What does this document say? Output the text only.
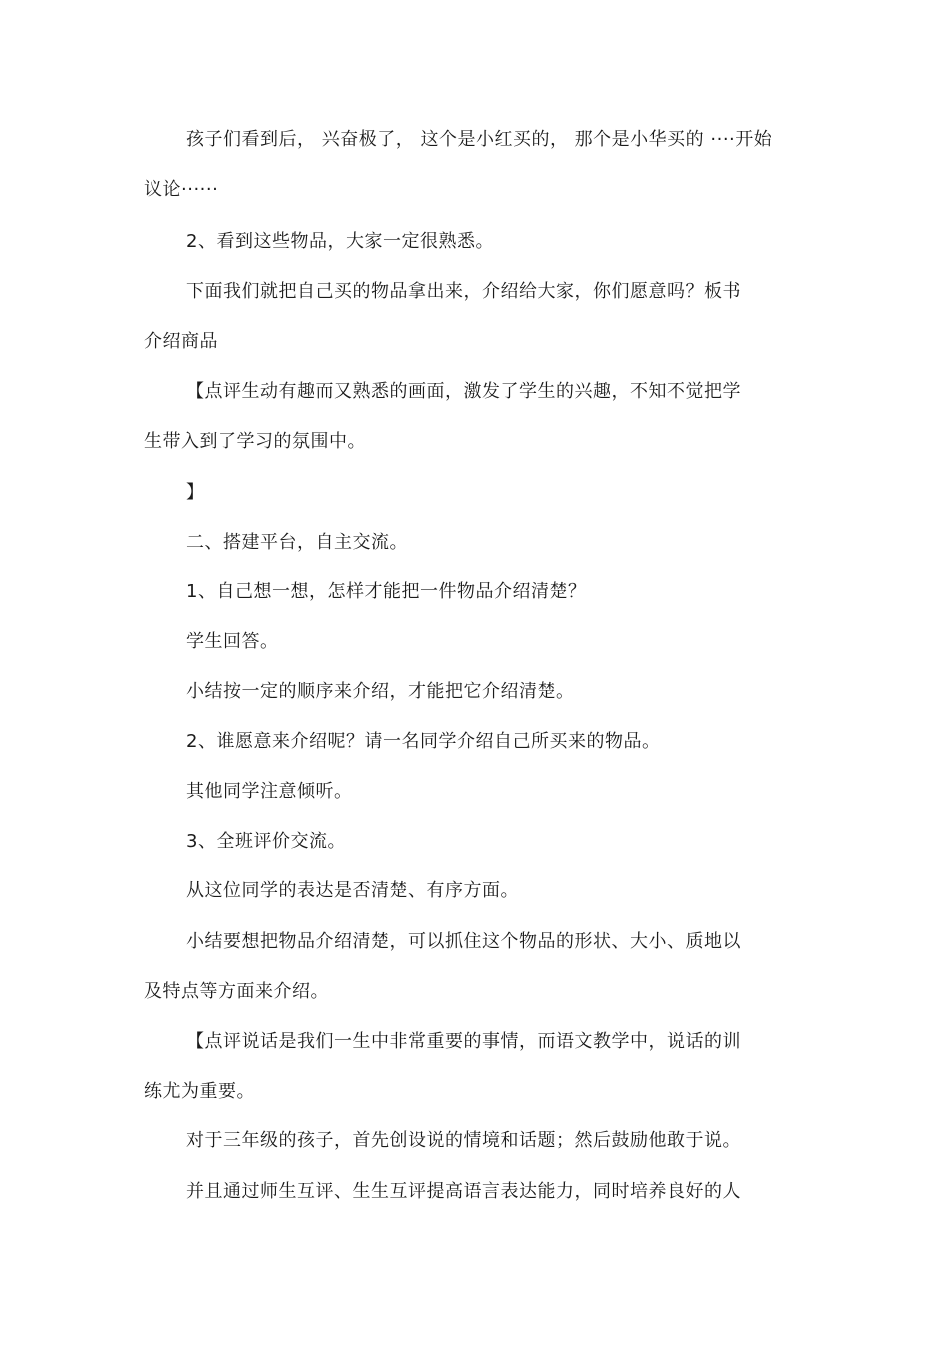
孩子们看到后， 兴奋极了， 这个是小红买的， 那个是小华买的 ····开始
议论······
2、看到这些物品，大家一定很熟悉。
下面我们就把自己买的物品拿出来，介绍给大家，你们愿意吗？板书
介绍商品
【点评生动有趣而又熟悉的画面，激发了学生的兴趣，不知不觉把学
生带入到了学习的氛围中。
】
二、搭建平台，自主交流。
1、自己想一想，怎样才能把一件物品介绍清楚？
学生回答。
小结按一定的顺序来介绍，才能把它介绍清楚。
2、谁愿意来介绍呢？请一名同学介绍自己所买来的物品。
其他同学注意倾听。
3、全班评价交流。
从这位同学的表达是否清楚、有序方面。
小结要想把物品介绍清楚，可以抓住这个物品的形状、大小、质地以
及特点等方面来介绍。
【点评说话是我们一生中非常重要的事情，而语文教学中，说话的训
练尤为重要。
对于三年级的孩子，首先创设说的情境和话题；然后鼓励他敢于说。
并且通过师生互评、生生互评提高语言表达能力，同时培养良好的人
